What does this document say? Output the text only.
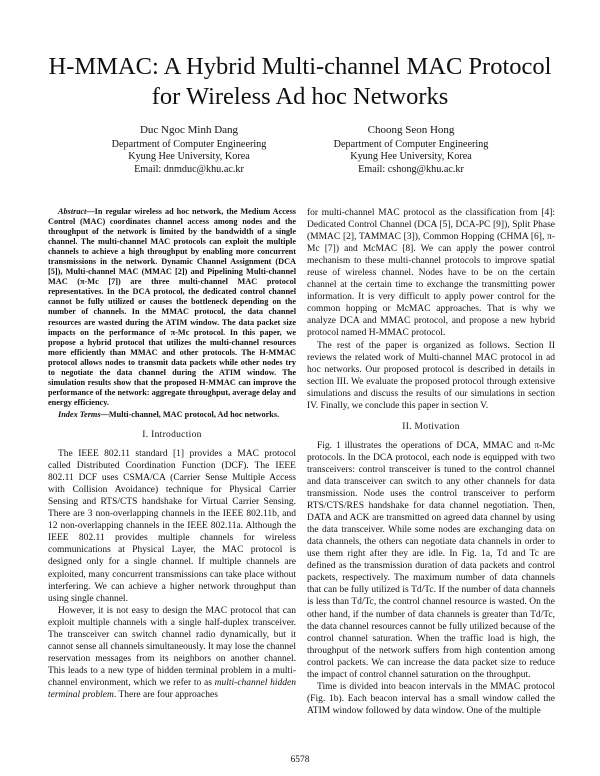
H-MMAC: A Hybrid Multi-channel MAC Protocol
for Wireless Ad hoc Networks
Duc Ngoc Minh Dang
Department of Computer Engineering
Kyung Hee University, Korea
Email: dnmduc@khu.ac.kr
Choong Seon Hong
Department of Computer Engineering
Kyung Hee University, Korea
Email: cshong@khu.ac.kr

Abstract—In regular wireless ad hoc network, the Medium Access Control (MAC) coordinates channel access among nodes and the throughput of the network is limited by the bandwidth of a single channel. The multi-channel MAC protocols can exploit the multiple channels to achieve a high throughput by enabling more concurrent transmissions in the network. Dynamic Channel Assignment (DCA [5]), Multi-channel MAC (MMAC [2]) and Pipelining Multi-channel MAC (π-Mc [7]) are three multi-channel MAC protocol representatives. In the DCA protocol, the dedicated control channel cannot be fully utilized or causes the bottleneck depending on the number of channels. In the MMAC protocol, the data channel resources are wasted during the ATIM window. The data packet size impacts on the performance of π-Mc protocol. In this paper, we propose a hybrid protocol that utilizes the multi-channel resources more efficiently than MMAC and other protocols. The H-MMAC protocol allows nodes to transmit data packets while other nodes try to negotiate the data channel during the ATIM window. The simulation results show that the proposed H-MMAC can improve the performance of the network: aggregate throughput, average delay and energy efficiency.

Index Terms—Multi-channel, MAC protocol, Ad hoc networks.

I. Introduction

The IEEE 802.11 standard [1] provides a MAC protocol called Distributed Coordination Function (DCF). The IEEE 802.11 DCF uses CSMA/CA (Carrier Sense Multiple Access with Collision Avoidance) technique for Physical Carrier Sensing and RTS/CTS handshake for Virtual Carrier Sensing. There are 3 non-overlapping channels in the IEEE 802.11b, and 12 non-overlapping channels in the IEEE 802.11a. Although the IEEE 802.11 provides multiple channels for wireless communications at Physical Layer, the MAC protocol is designed only for a single channel. If multiple channels are exploited, many concurrent transmissions can take place without interfering. We can achieve a higher network throughput than using single channel.

However, it is not easy to design the MAC protocol that can exploit multiple channels with a single half-duplex transceiver. The transceiver can switch channel radio dynamically, but it cannot sense all channels simultaneously. It may lose the channel reservation messages from its neighbors on another channel. This leads to a new type of hidden terminal problem in a multi-channel environment, which we refer to as multi-channel hidden terminal problem. There are four approaches

for multi-channel MAC protocol as the classification from [4]: Dedicated Control Channel (DCA [5], DCA-PC [9]), Split Phase (MMAC [2], TAMMAC [3]), Common Hopping (CHMA [6], π-Mc [7]) and McMAC [8]. We can apply the power control mechanism to these multi-channel protocols to improve spatial reuse of wireless channel. Nodes have to be on the certain channel at the certain time to exchange the transmitting power information. It is very difficult to apply power control for the common hopping or McMAC approaches. That is why we analyze DCA and MMAC protocol, and propose a new hybrid protocol named H-MMAC protocol.

The rest of the paper is organized as follows. Section II reviews the related work of Multi-channel MAC protocol in ad hoc networks. Our proposed protocol is described in details in section III. We evaluate the proposed protocol through extensive simulations and discuss the results of our simulations in section IV. Finally, we conclude this paper in section V.

II. Motivation

Fig. 1 illustrates the operations of DCA, MMAC and π-Mc protocols. In the DCA protocol, each node is equipped with two transceivers: control transceiver is tuned to the control channel and data transceiver can switch to any other channels for data transmission. Node uses the control transceiver to perform RTS/CTS/RES handshake for data channel negotiation. Then, DATA and ACK are transmitted on agreed data channel by using the data transceiver. While some nodes are exchanging data on data channels, the others can negotiate data channels in order to use them right after they are idle. In Fig. 1a, Td and Tc are defined as the transmission duration of data packets and control packets, respectively. The maximum number of data channels that can be fully utilized is Td/Tc. If the number of data channels is less than Td/Tc, the control channel resource is wasted. On the other hand, if the number of data channels is greater than Td/Tc, the data channel resources cannot be fully utilized because of the control channel saturation. When the traffic load is high, the throughput of the network suffers from high contention among control packets. We can increase the data packet size to reduce the impact of control channel saturation on the throughput.

Time is divided into beacon intervals in the MMAC protocol (Fig. 1b). Each beacon interval has a small window called the ATIM window followed by data window. One of the multiple

6578
